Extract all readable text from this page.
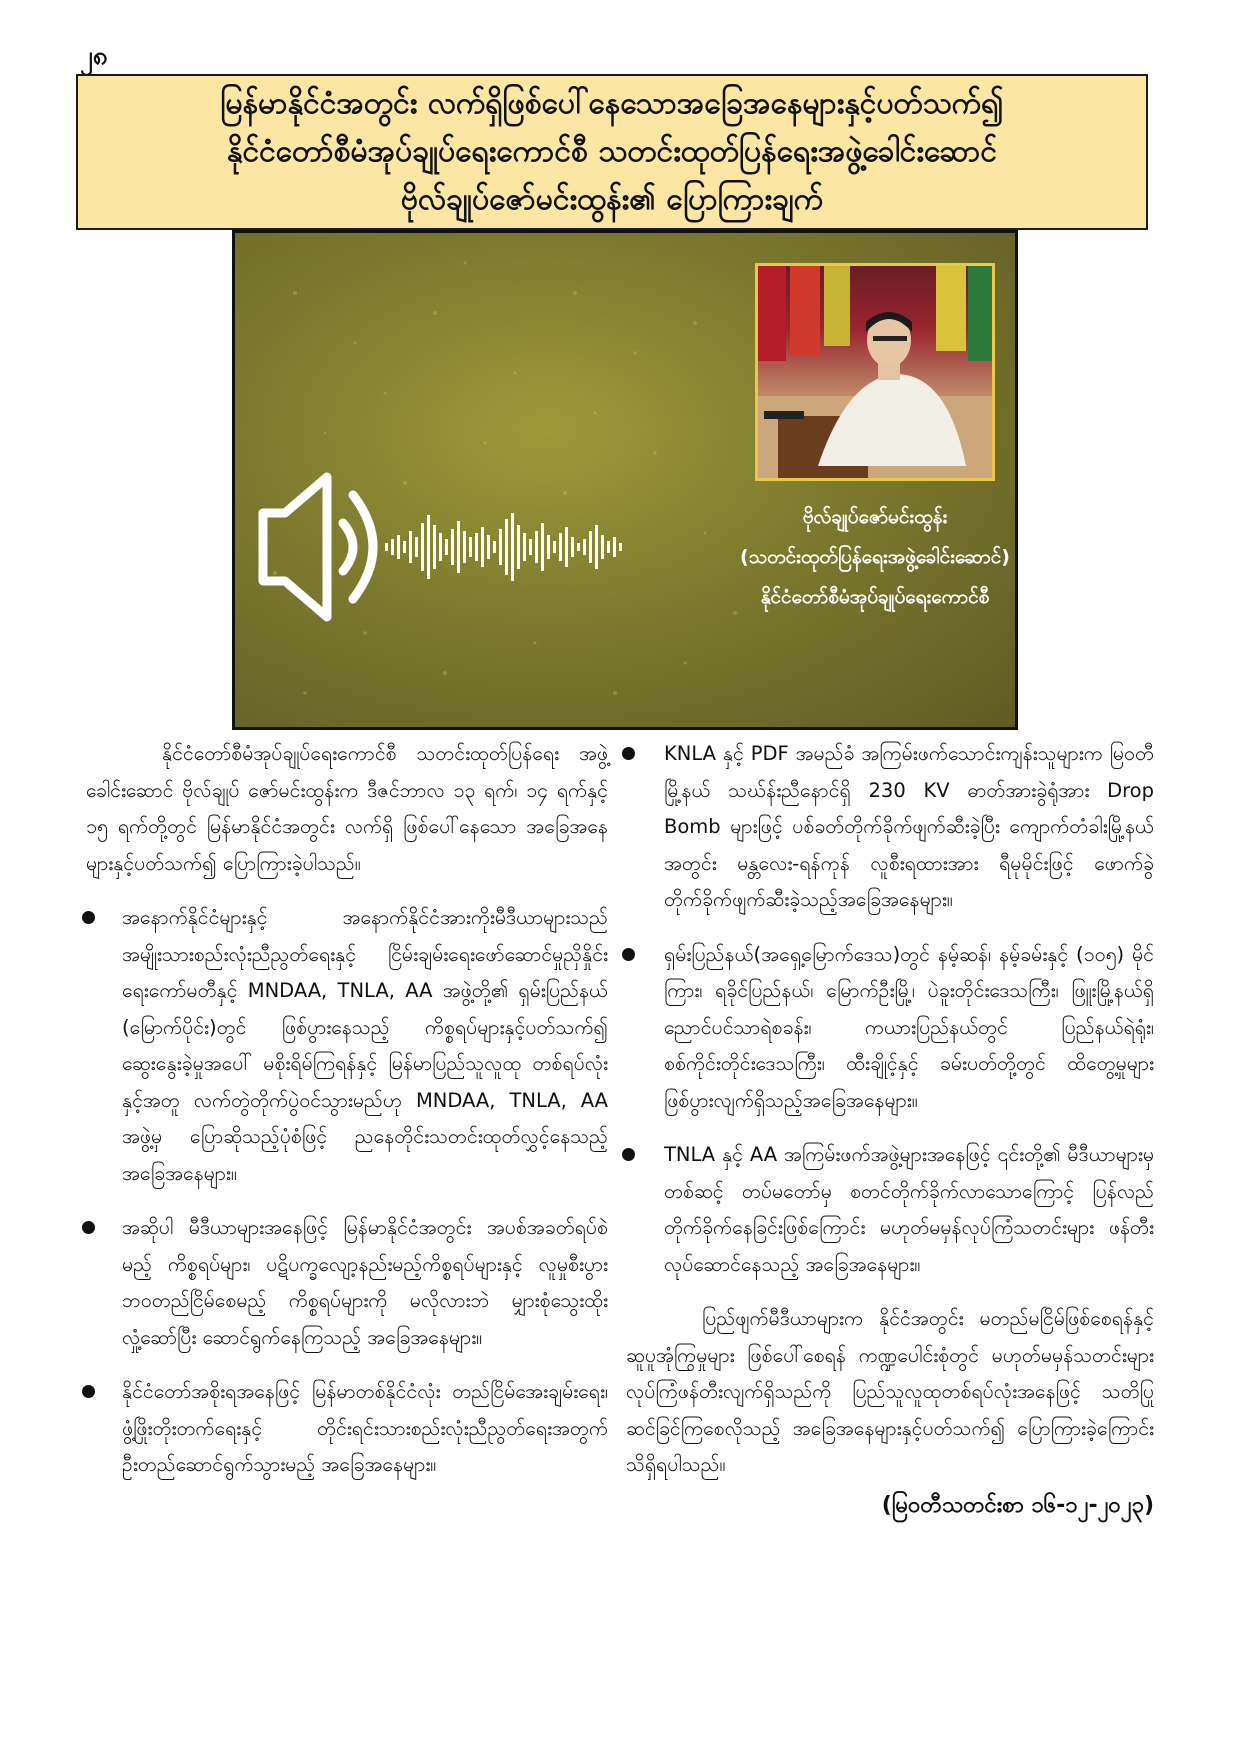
၂၈
မြန်မာနိုင်ငံအတွင်း လက်ရှိဖြစ်ပေါ်နေသောအခြေအနေများနှင့်ပတ်သက်၍
နိုင်ငံတော်စီမံအုပ်ချုပ်ရေးကောင်စီ သတင်းထုတ်ပြန်ရေးအဖွဲ့ခေါင်းဆောင်
ဗိုလ်ချုပ်ဇော်မင်းထွန်း၏ ပြောကြားချက်
ဗိုလ်ချုပ်ဇော်မင်းထွန်း
(သတင်းထုတ်ပြန်ရေးအဖွဲ့ခေါင်းဆောင်)
နိုင်ငံတော်စီမံအုပ်ချုပ်ရေးကောင်စီ

နိုင်ငံတော်စီမံအုပ်ချုပ်ရေးကောင်စီ သတင်းထုတ်ပြန်ရေး အဖွဲ့ခေါင်းဆောင် ဗိုလ်ချုပ် ဇော်မင်းထွန်းက ဒီဇင်ဘာလ ၁၃ ရက်၊ ၁၄ ရက်နှင့် ၁၅ ရက်တို့တွင် မြန်မာနိုင်ငံအတွင်း လက်ရှိ ဖြစ်ပေါ်နေသော အခြေအနေများနှင့်ပတ်သက်၍ ပြောကြားခဲ့ပါသည်။

အနောက်နိုင်ငံများနှင့် အနောက်နိုင်ငံအားကိုးမီဒီယာများသည် အမျိုးသားစည်းလုံးညီညွတ်ရေးနှင့် ငြိမ်းချမ်းရေးဖော်ဆောင်မှုညှိနှိုင်းရေးကော်မတီနှင့် MNDAA, TNLA, AA အဖွဲ့တို့၏ ရှမ်းပြည်နယ် (မြောက်ပိုင်း)တွင် ဖြစ်ပွားနေသည့် ကိစ္စရပ်များနှင့်ပတ်သက်၍ ဆွေးနွေးခဲ့မှုအပေါ် မစိုးရိမ်ကြရန်နှင့် မြန်မာပြည်သူလူထု တစ်ရပ်လုံးနှင့်အတူ လက်တွဲတိုက်ပွဲဝင်သွားမည်ဟု MNDAA, TNLA, AA အဖွဲ့မှ ပြောဆိုသည့်ပုံစံဖြင့် ညနေတိုင်းသတင်းထုတ်လွှင့်နေသည့် အခြေအနေများ။

အဆိုပါ မီဒီယာများအနေဖြင့် မြန်မာနိုင်ငံအတွင်း အပစ်အခတ်ရပ်စဲမည့် ကိစ္စရပ်များ၊ ပဋိပက္ခလျော့နည်းမည့်ကိစ္စရပ်များနှင့် လူမှုစီးပွားဘဝတည်ငြိမ်စေမည့် ကိစ္စရပ်များကို မလိုလားဘဲ မျှားစုံသွေးထိုးလှုံ့ဆော်ပြီး ဆောင်ရွက်နေကြသည့် အခြေအနေများ။

နိုင်ငံတော်အစိုးရအနေဖြင့် မြန်မာတစ်နိုင်ငံလုံး တည်ငြိမ်အေးချမ်းရေး၊ ဖွံ့ဖြိုးတိုးတက်ရေးနှင့် တိုင်းရင်းသားစည်းလုံးညီညွတ်ရေးအတွက် ဦးတည်ဆောင်ရွက်သွားမည့် အခြေအနေများ။

KNLA နှင့် PDF အမည်ခံ အကြမ်းဖက်သောင်းကျန်းသူများက မြဝတီမြို့နယ် သဃ်န်းညီနောင်ရှိ 230 KV ဓာတ်အားခွဲရုံအား Drop Bomb များဖြင့် ပစ်ခတ်တိုက်ခိုက်ဖျက်ဆီးခဲ့ပြီး ကျောက်တံခါးမြို့နယ်အတွင်း မန္တလေး-ရန်ကုန် လူစီးရထားအား ရီမုမိုင်းဖြင့် ဖောက်ခွဲတိုက်ခိုက်ဖျက်ဆီးခဲ့သည့်အခြေအနေများ။

ရှမ်းပြည်နယ်(အရှေ့မြောက်ဒေသ)တွင် နမ့်ဆန်၊ နမ့်ခမ်းနှင့် (၁၀၅) မိုင်ကြား၊ ရခိုင်ပြည်နယ်၊ မြောက်ဦးမြို့၊ ပဲခူးတိုင်းဒေသကြီး၊ ဖြူးမြို့နယ်ရှိ ညောင်ပင်သာရဲစခန်း၊ ကယားပြည်နယ်တွင် ပြည်နယ်ရဲရုံး၊ စစ်ကိုင်းတိုင်းဒေသကြီး၊ ထီးချိုင့်နှင့် ခမ်းပတ်တို့တွင် ထိတွေ့မှုများ ဖြစ်ပွားလျက်ရှိသည့်အခြေအနေများ။

TNLA နှင့် AA အကြမ်းဖက်အဖွဲ့များအနေဖြင့် ၎င်းတို့၏ မီဒီယာများမှတစ်ဆင့် တပ်မတော်မှ စတင်တိုက်ခိုက်လာသောကြောင့် ပြန်လည်တိုက်ခိုက်နေခြင်းဖြစ်ကြောင်း မဟုတ်မမှန်လုပ်ကြံသတင်းများ ဖန်တီးလုပ်ဆောင်နေသည့် အခြေအနေများ။

ပြည်ဖျက်မီဒီယာများက နိုင်ငံအတွင်း မတည်မငြိမ်ဖြစ်စေရန်နှင့် ဆူပူအုံကြွမှုများ ဖြစ်ပေါ်စေရန် ကဏ္ဍပေါင်းစုံတွင် မဟုတ်မမှန်သတင်းများ လုပ်ကြံဖန်တီးလျက်ရှိသည်ကို ပြည်သူလူထုတစ်ရပ်လုံးအနေဖြင့် သတိပြုဆင်ခြင်ကြစေလိုသည့် အခြေအနေများနှင့်ပတ်သက်၍ ပြောကြားခဲ့ကြောင်း သိရှိရပါသည်။

(မြဝတီသတင်းစာ ၁၆-၁၂-၂၀၂၃)
